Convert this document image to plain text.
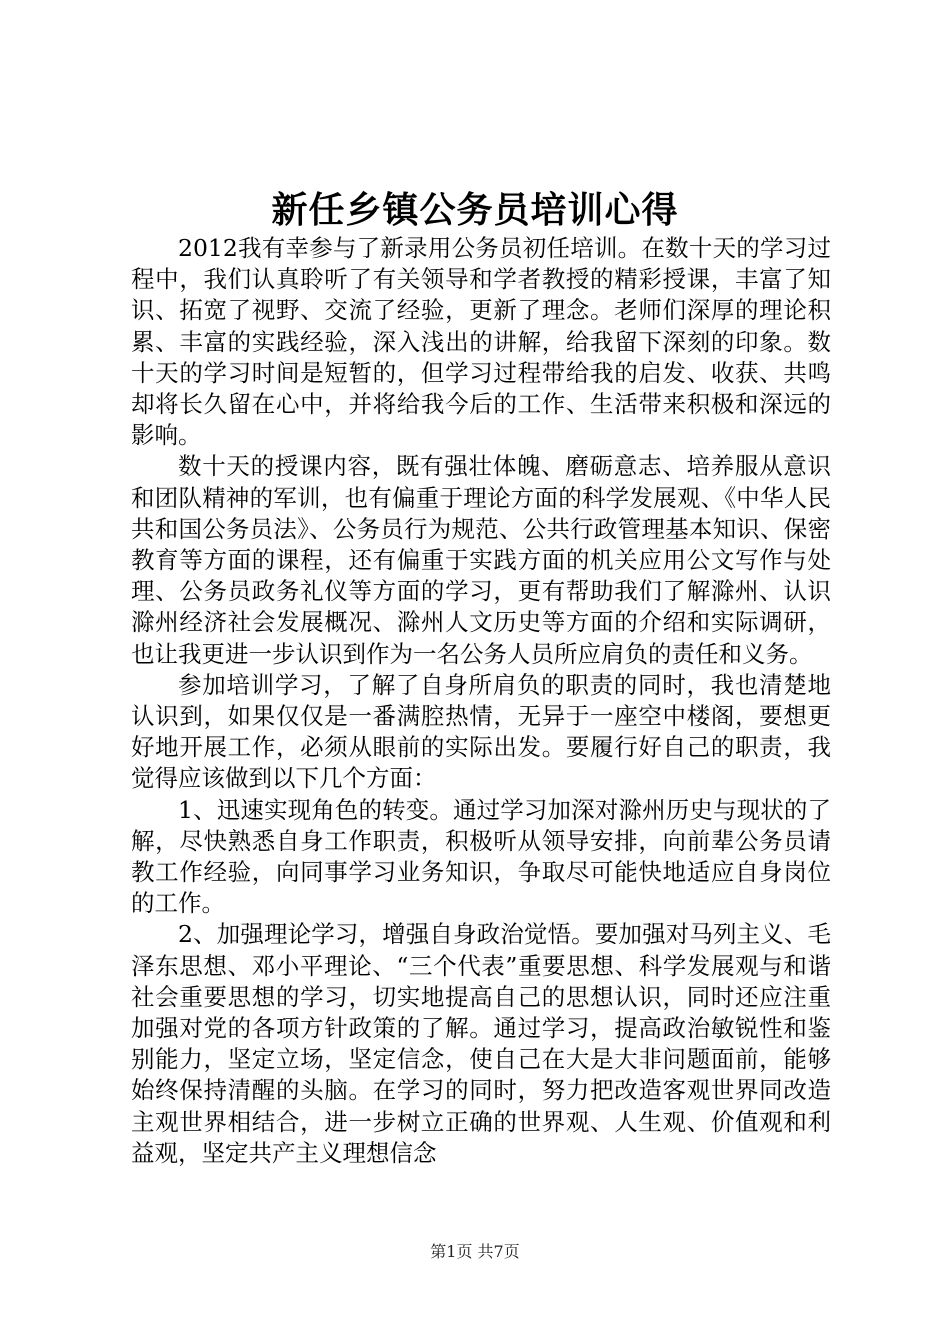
新任乡镇公务员培训心得

2012我有幸参与了新录用公务员初任培训。在数十天的学习过程中，我们认真聆听了有关领导和学者教授的精彩授课，丰富了知识、拓宽了视野、交流了经验，更新了理念。老师们深厚的理论积累、丰富的实践经验，深入浅出的讲解，给我留下深刻的印象。数十天的学习时间是短暂的，但学习过程带给我的启发、收获、共鸣却将长久留在心中，并将给我今后的工作、生活带来积极和深远的影响。

数十天的授课内容，既有强壮体魄、磨砺意志、培养服从意识和团队精神的军训，也有偏重于理论方面的科学发展观、《中华人民共和国公务员法》、公务员行为规范、公共行政管理基本知识、保密教育等方面的课程，还有偏重于实践方面的机关应用公文写作与处理、公务员政务礼仪等方面的学习，更有帮助我们了解滁州、认识滁州经济社会发展概况、滁州人文历史等方面的介绍和实际调研，也让我更进一步认识到作为一名公务人员所应肩负的责任和义务。

参加培训学习，了解了自身所肩负的职责的同时，我也清楚地认识到，如果仅仅是一番满腔热情，无异于一座空中楼阁，要想更好地开展工作，必须从眼前的实际出发。要履行好自己的职责，我觉得应该做到以下几个方面：

1、迅速实现角色的转变。通过学习加深对滁州历史与现状的了解，尽快熟悉自身工作职责，积极听从领导安排，向前辈公务员请教工作经验，向同事学习业务知识，争取尽可能快地适应自身岗位的工作。

2、加强理论学习，增强自身政治觉悟。要加强对马列主义、毛泽东思想、邓小平理论、“三个代表”重要思想、科学发展观与和谐社会重要思想的学习，切实地提高自己的思想认识，同时还应注重加强对党的各项方针政策的了解。通过学习，提高政治敏锐性和鉴别能力，坚定立场，坚定信念，使自己在大是大非问题面前，能够始终保持清醒的头脑。在学习的同时，努力把改造客观世界同改造主观世界相结合，进一步树立正确的世界观、人生观、价值观和利益观，坚定共产主义理想信念

第1页 共7页
